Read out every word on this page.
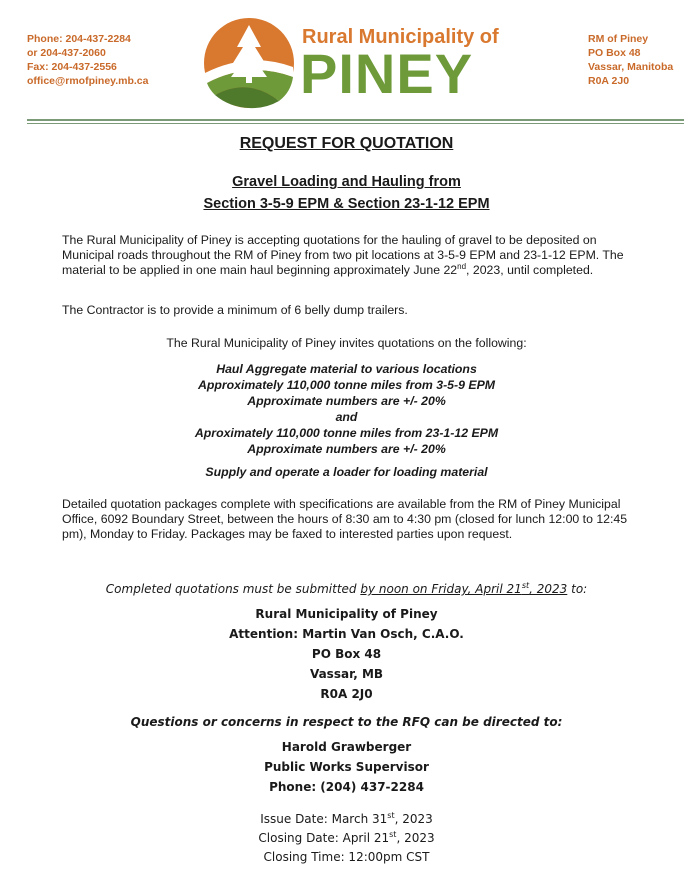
Phone: 204-437-2284
or 204-437-2060
Fax: 204-437-2556
office@rmofpiney.mb.ca
Rural Municipality of
PINEY
RM of Piney
PO Box 48
Vassar, Manitoba
R0A 2J0
REQUEST FOR QUOTATION
Gravel Loading and Hauling from
Section 3-5-9 EPM & Section 23-1-12 EPM
The Rural Municipality of Piney is accepting quotations for the hauling of gravel to be deposited on Municipal roads throughout the RM of Piney from two pit locations at 3-5-9 EPM and 23-1-12 EPM. The material to be applied in one main haul beginning approximately June 22nd, 2023, until completed.
The Contractor is to provide a minimum of 6 belly dump trailers.
The Rural Municipality of Piney invites quotations on the following:
Haul Aggregate material to various locations
Approximately 110,000 tonne miles from 3-5-9 EPM
Approximate numbers are +/- 20%
and
Aproximately 110,000 tonne miles from 23-1-12 EPM
Approximate numbers are +/- 20%
Supply and operate a loader for loading material
Detailed quotation packages complete with specifications are available from the RM of Piney Municipal Office, 6092 Boundary Street, between the hours of 8:30 am to 4:30 pm (closed for lunch 12:00 to 12:45 pm), Monday to Friday. Packages may be faxed to interested parties upon request.
Completed quotations must be submitted by noon on Friday, April 21st, 2023 to:
Rural Municipality of Piney
Attention: Martin Van Osch, C.A.O.
PO Box 48
Vassar, MB
R0A 2J0
Questions or concerns in respect to the RFQ can be directed to:
Harold Grawberger
Public Works Supervisor
Phone: (204) 437-2284
Issue Date: March 31st, 2023
Closing Date: April 21st, 2023
Closing Time: 12:00pm CST
